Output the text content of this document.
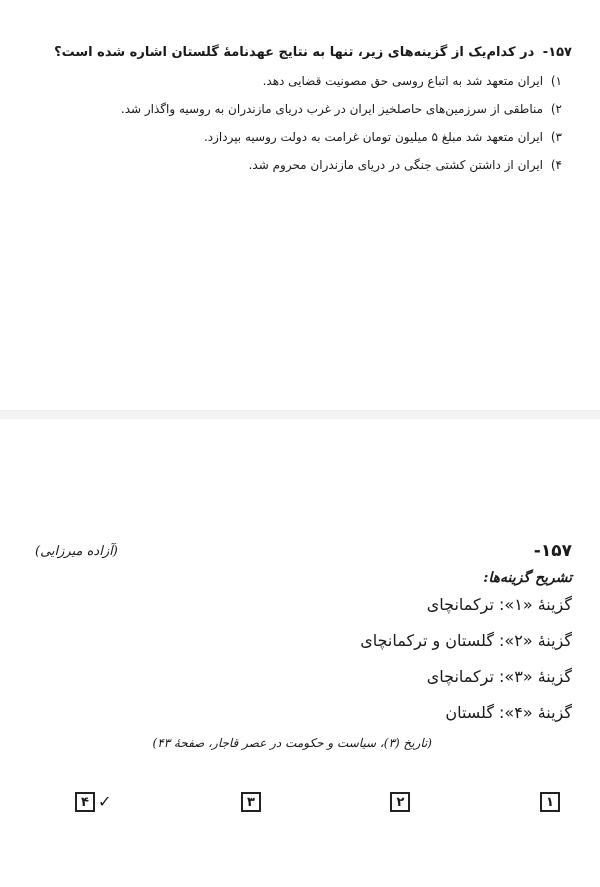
۱۵۷- در کدام‌یک از گزینه‌های زیر، تنها به نتایج عهدنامهٔ گلستان اشاره شده است؟
۱) ایران متعهد شد به اتباع روسی حق مصونیت قضایی دهد.
۲) مناطقی از سرزمین‌های حاصلخیز ایران در غرب دریای مازندران به روسیه واگذار شد.
۳) ایران متعهد شد مبلغ ۵ میلیون تومان غرامت به دولت روسیه بپردازد.
۴) ایران از داشتن کشتی جنگی در دریای مازندران محروم شد.
۱۵۷-
(آزاده میرزایی)
تشریح گزینه‌ها:
گزینهٔ «۱»: ترکمانچای
گزینهٔ «۲»: گلستان و ترکمانچای
گزینهٔ «۳»: ترکمانچای
گزینهٔ «۴»: گلستان
(تاریخ (۳)، سیاست و حکومت در عصر قاجار، صفحهٔ ۴۳)
۱
۲
۳
۴ ✓
